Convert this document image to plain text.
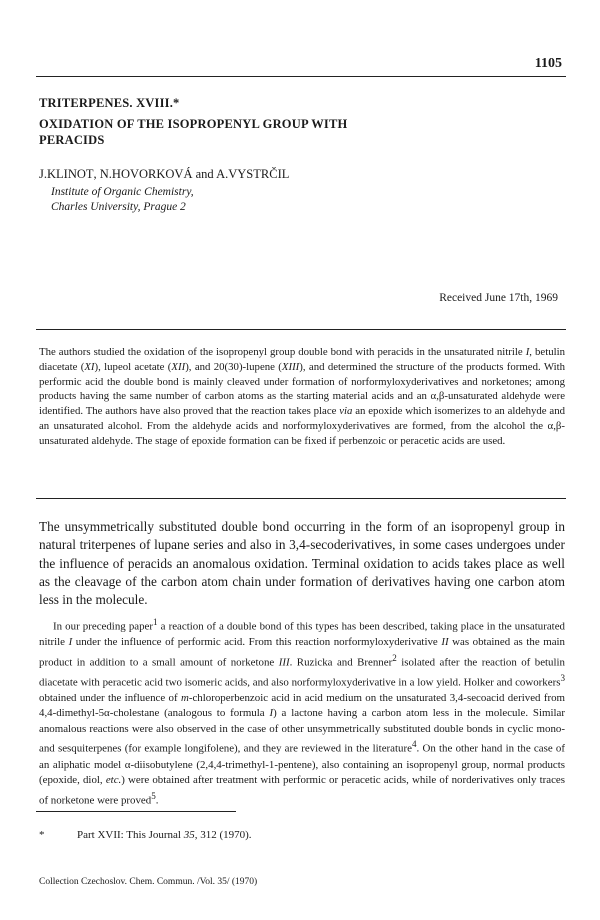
1105
TRITERPENES. XVIII.*
OXIDATION OF THE ISOPROPENYL GROUP WITH PERACIDS
J.KLINOT, N.HOVORKOVÁ and A.VYSTRČIL
Institute of Organic Chemistry,
Charles University, Prague 2
Received June 17th, 1969
The authors studied the oxidation of the isopropenyl group double bond with peracids in the unsaturated nitrile I, betulin diacetate (XI), lupeol acetate (XII), and 20(30)-lupene (XIII), and determined the structure of the products formed. With performic acid the double bond is mainly cleaved under formation of norformyloxyderivatives and norketones; among products having the same number of carbon atoms as the starting material acids and an α,β-unsaturated aldehyde were identified. The authors have also proved that the reaction takes place via an epoxide which isomerizes to an aldehyde and an unsaturated alcohol. From the aldehyde acids and norformyloxyderivatives are formed, from the alcohol the α,β-unsaturated aldehyde. The stage of epoxide formation can be fixed if perbenzoic or peracetic acids are used.
The unsymmetrically substituted double bond occurring in the form of an isopropenyl group in natural triterpenes of lupane series and also in 3,4-secoderivatives, in some cases undergoes under the influence of peracids an anomalous oxidation. Terminal oxidation to acids takes place as well as the cleavage of the carbon atom chain under formation of derivatives having one carbon atom less in the molecule.

In our preceding paper$^1$ a reaction of a double bond of this types has been described, taking place in the unsaturated nitrile I under the influence of performic acid. From this reaction norformyloxyderivative II was obtained as the main product in addition to a small amount of norketone III. Ruzicka and Brenner$^2$ isolated after the reaction of betulin diacetate with peracetic acid two isomeric acids, and also norformyloxyderivative in a low yield. Holker and coworkers$^3$ obtained under the influence of m-chloroperbenzoic acid in acid medium on the unsaturated 3,4-secoacid derived from 4,4-dimethyl-5α-cholestane (analogous to formula I) a lactone having a carbon atom less in the molecule. Similar anomalous reactions were also observed in the case of other unsymmetrically substituted double bonds in cyclic mono- and sesquiterpenes (for example longifolene), and they are reviewed in the literature$^4$. On the other hand in the case of an aliphatic model α-diisobutylene (2,4,4-trimethyl-1-pentene), also containing an isopropenyl group, normal products (epoxide, diol, etc.) were obtained after treatment with performic or peracetic acids, while of norderivatives only traces of norketone were proved$^5$.

*	Part XVII: This Journal 35, 312 (1970).
Collection Czechoslov. Chem. Commun. /Vol. 35/ (1970)
